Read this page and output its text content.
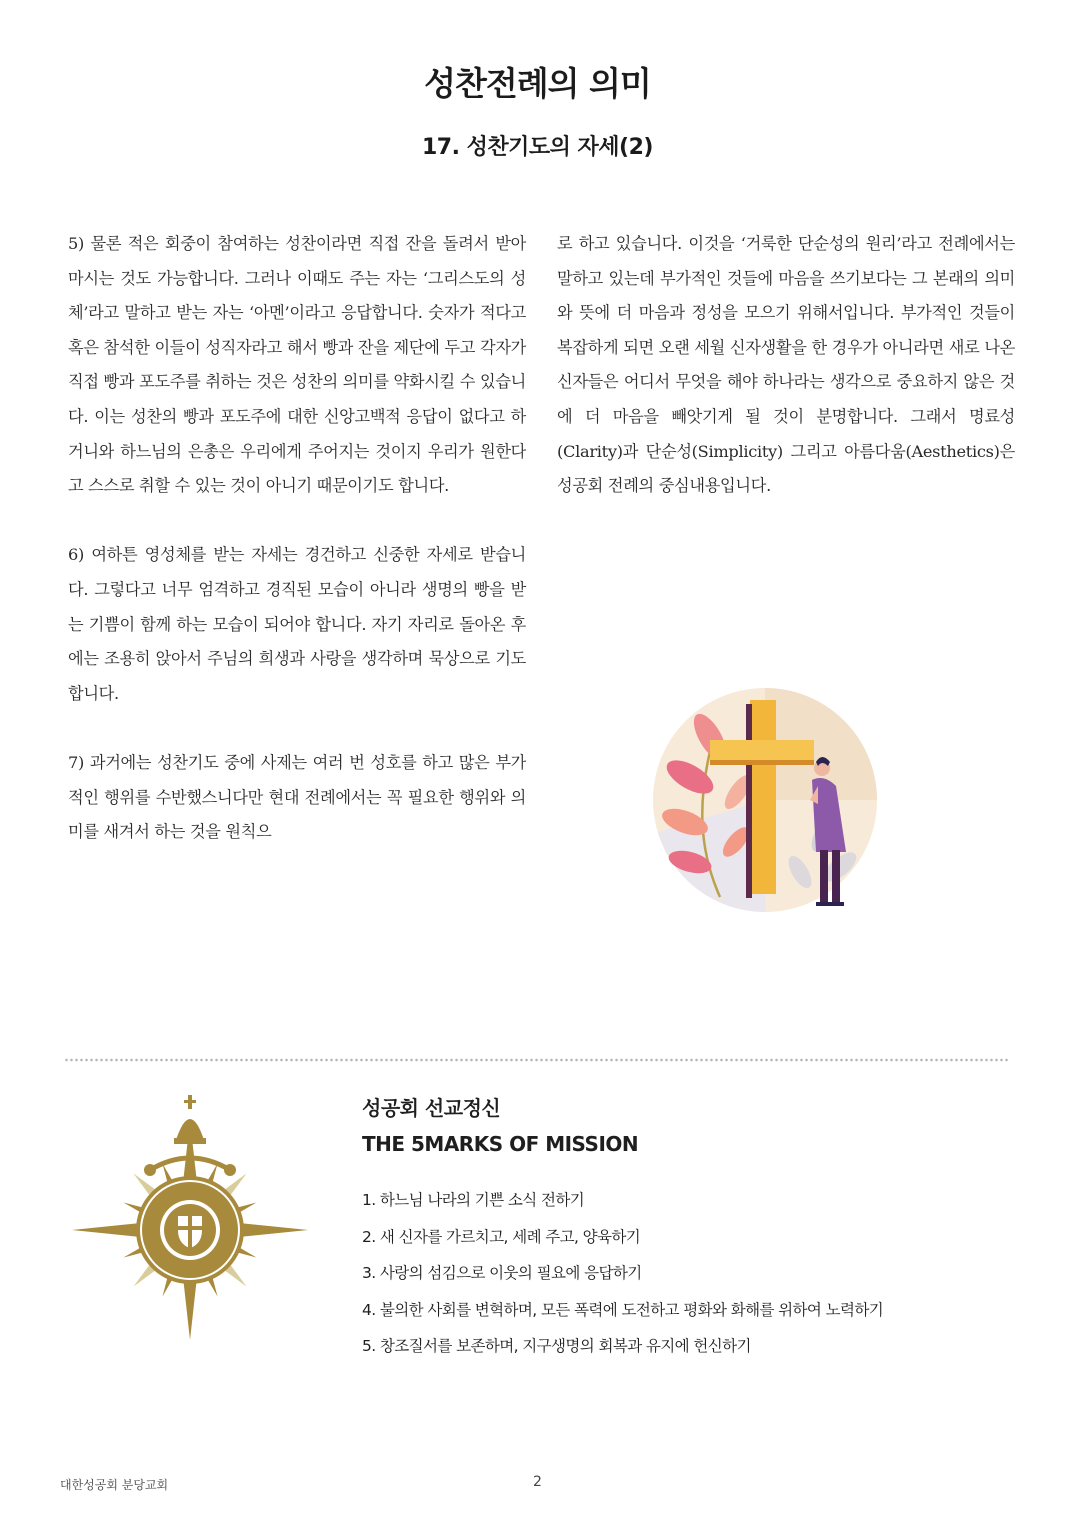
성찬전례의 의미
17. 성찬기도의 자세(2)

5) 물론 적은 회중이 참여하는 성찬이라면 직접 잔을 돌려서 받아 마시는 것도 가능합니다. 그러나 이때도 주는 자는 ‘그리스도의 성체’라고 말하고 받는 자는 ‘아멘’이라고 응답합니다. 숫자가 적다고 혹은 참석한 이들이 성직자라고 해서 빵과 잔을 제단에 두고 각자가 직접 빵과 포도주를 취하는 것은 성찬의 의미를 약화시킬 수 있습니다. 이는 성찬의 빵과 포도주에 대한 신앙고백적 응답이 없다고 하거니와 하느님의 은총은 우리에게 주어지는 것이지 우리가 원한다고 스스로 취할 수 있는 것이 아니기 때문이기도 합니다.

6) 여하튼 영성체를 받는 자세는 경건하고 신중한 자세로 받습니다. 그렇다고 너무 엄격하고 경직된 모습이 아니라 생명의 빵을 받는 기쁨이 함께 하는 모습이 되어야 합니다. 자기 자리로 돌아온 후에는 조용히 앉아서 주님의 희생과 사랑을 생각하며 묵상으로 기도합니다.

7) 과거에는 성찬기도 중에 사제는 여러 번 성호를 하고 많은 부가적인 행위를 수반했스니다만 현대 전례에서는 꼭 필요한 행위와 의미를 새겨서 하는 것을 원칙으

로 하고 있습니다. 이것을 ‘거룩한 단순성의 원리’라고 전례에서는 말하고 있는데 부가적인 것들에 마음을 쓰기보다는 그 본래의 의미와 뜻에 더 마음과 정성을 모으기 위해서입니다. 부가적인 것들이 복잡하게 되면 오랜 세월 신자생활을 한 경우가 아니라면 새로 나온 신자들은 어디서 무엇을 해야 하나라는 생각으로 중요하지 않은 것에 더 마음을 빼앗기게 될 것이 분명합니다. 그래서 명료성(Clarity)과 단순성(Simplicity) 그리고 아름다움(Aesthetics)은 성공회 전례의 중심내용입니다.

성공회 선교정신
THE 5MARKS OF MISSION
1. 하느님 나라의 기쁜 소식 전하기
2. 새 신자를 가르치고, 세례 주고, 양육하기
3. 사랑의 섬김으로 이웃의 필요에 응답하기
4. 불의한 사회를 변혁하며, 모든 폭력에 도전하고 평화와 화해를 위하여 노력하기
5. 창조질서를 보존하며, 지구생명의 회복과 유지에 헌신하기
대한성공회 분당교회	2
